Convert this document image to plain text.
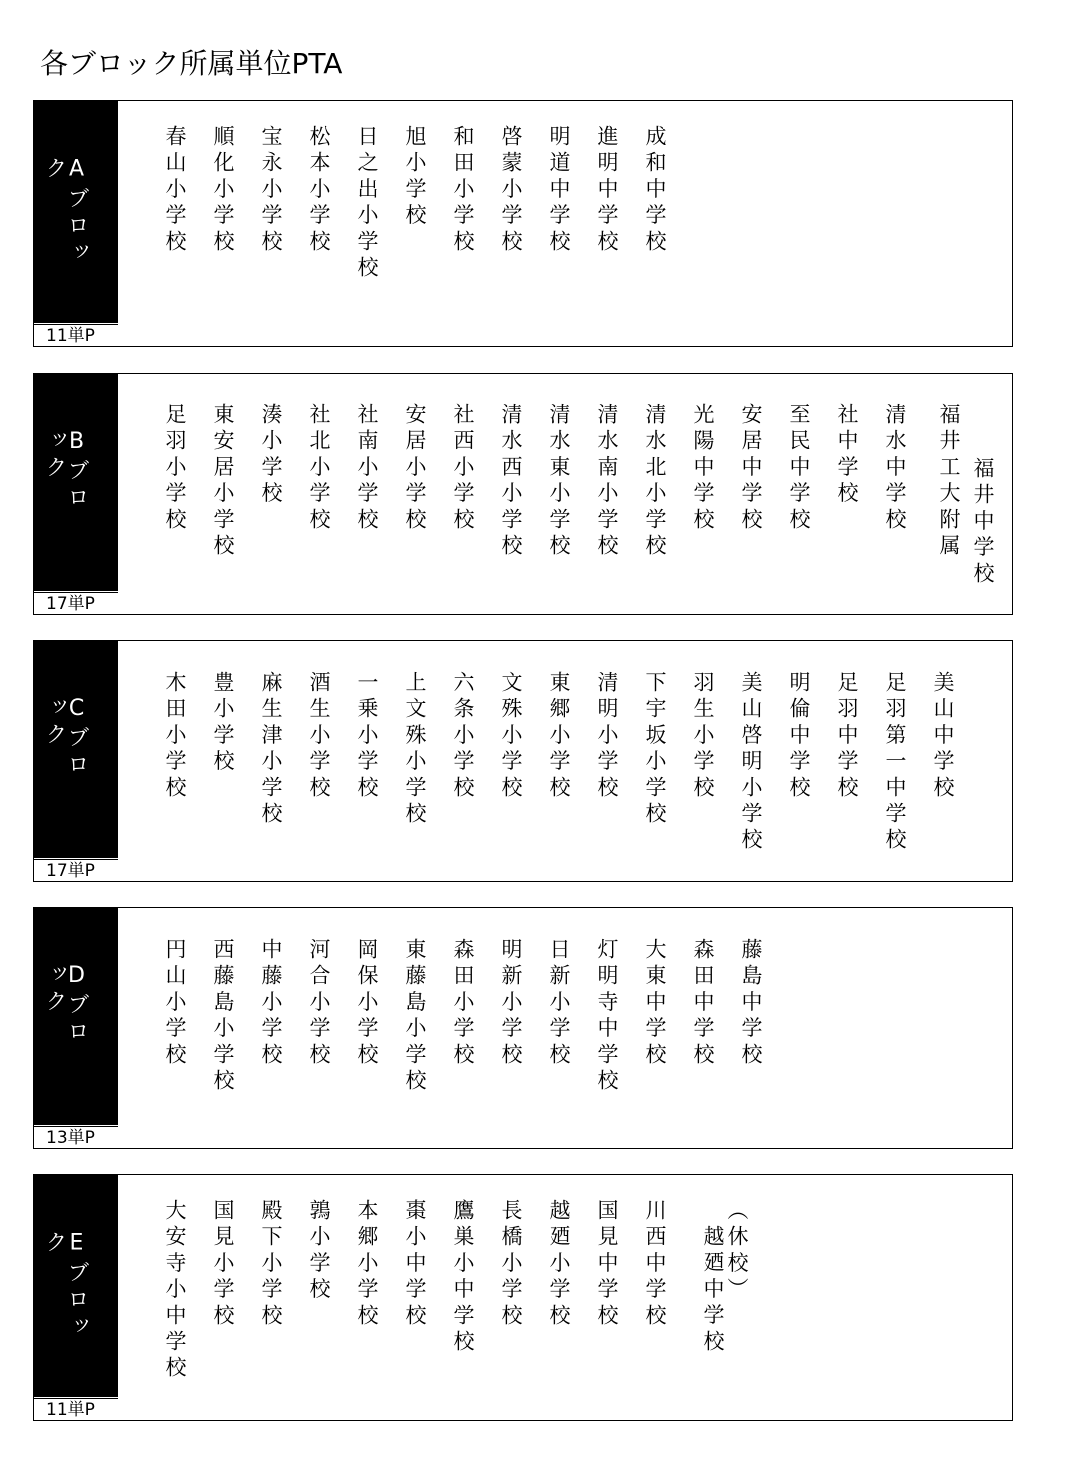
各ブロック所属単位PTA
Aブロック
11単P
春山小学校 順化小学校 宝永小学校 松本小学校 日之出小学校 旭小学校 和田小学校 啓蒙小学校 明道中学校 進明中学校 成和中学校
Bブロック
17単P
足羽小学校 東安居小学校 湊小学校 社北小学校 社南小学校 安居小学校 社西小学校 清水西小学校 清水東小学校 清水南小学校 清水北小学校 光陽中学校 安居中学校 至民中学校 社中学校 清水中学校 福井工大附属 福井中学校
Cブロック
17単P
木田小学校 豊小学校 麻生津小学校 酒生小学校 一乗小学校 上文殊小学校 六条小学校 文殊小学校 東郷小学校 清明小学校 下宇坂小学校 羽生小学校 美山啓明小学校 明倫中学校 足羽中学校 足羽第一中学校 美山中学校
Dブロック
13単P
円山小学校 西藤島小学校 中藤小学校 河合小学校 岡保小学校 東藤島小学校 森田小学校 明新小学校 日新小学校 灯明寺中学校 大東中学校 森田中学校 藤島中学校
Eブロック
11単P
大安寺小中学校 国見小学校 殿下小学校 鶉小学校 本郷小学校 棗小中学校 鷹巣小中学校 長橋小学校 越廼小学校 国見中学校 川西中学校	（休校）
越廼中学校
